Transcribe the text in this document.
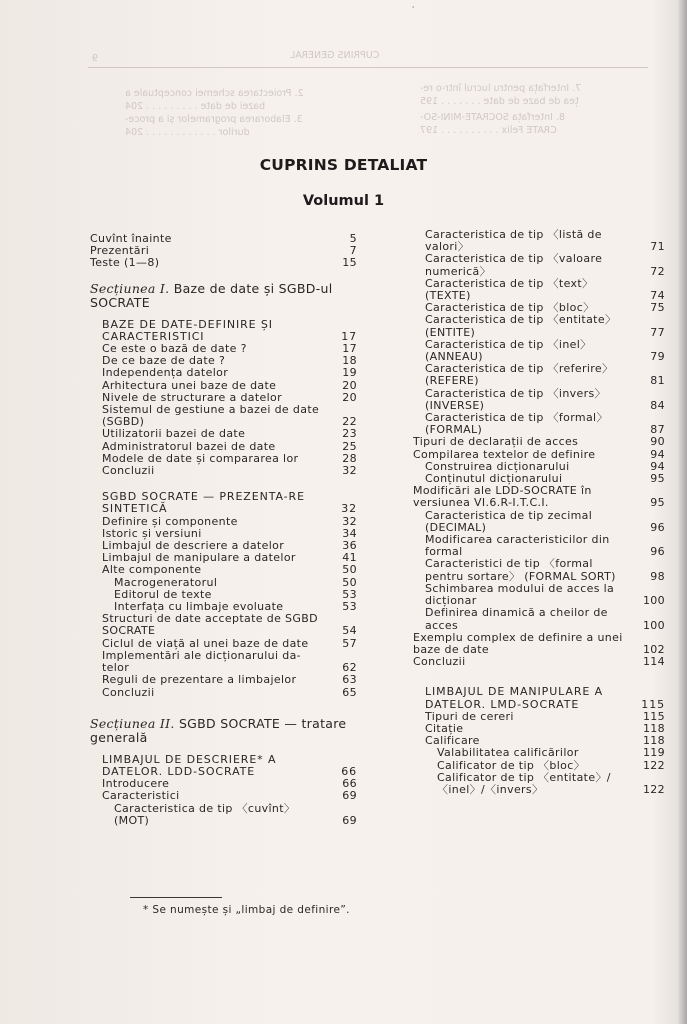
CUPRINS GENERAL
9
7. Interfața pentru lucrul într-o re-
țea de baze de date . . . . . . . 195
8. Interfața SOCRATE-MINI-SO-
CRATE Felix . . . . . . . . . . 197
2. Proiectarea schemei conceptuale a
bazei de date . . . . . . . . . 204
3. Elaborarea programelor și a proce-
durilor . . . . . . . . . . . . 204
'
CUPRINS DETALIAT
Volumul 1
Cuvînt înainte . . .	5
Prezentări . . .	7
Teste (1—8) . . .	15
Secțiunea I. Baze de date și SGBD-ul SOCRATE
BAZE DE DATE-DEFINIRE ȘI CARACTERISTICI . . .	17
Ce este o bază de date ? . . .	17
De ce baze de date ? . . .	18
Independența datelor . . .	19
Arhitectura unei baze de date . . .	20
Nivele de structurare a datelor . . .	20
Sistemul de gestiune a bazei de date (SGBD) . . .	22
Utilizatorii bazei de date . . .	23
Administratorul bazei de date . . .	25
Modele de date și compararea lor . . .	28
Concluzii . . .	32
SGBD SOCRATE — PREZENTA-RE SINTETICĂ . . .	32
Definire și componente . . .	32
Istoric și versiuni . . .	34
Limbajul de descriere a datelor . . .	36
Limbajul de manipulare a datelor . . .	41
Alte componente . . .	50
Macrogeneratorul . . .	50
Editorul de texte . . .	53
Interfața cu limbaje evoluate . . .	53
Structuri de date acceptate de SGBD SOCRATE . . .	54
Ciclul de viață al unei baze de date . . .	57
Implementări ale dicționarului da-telor . . .	62
Reguli de prezentare a limbajelor . . .	63
Concluzii . . .	65
Secțiunea II. SGBD SOCRATE — tratare generală
LIMBAJUL DE DESCRIERE* A DATELOR. LDD-SOCRATE . . .	66
Introducere . . .	66
Caracteristici . . .	69
Caracteristica de tip 〈cuvînt〉 (MOT) . . .	69
Caracteristica de tip 〈listă de valori〉 . . .	71
Caracteristica de tip 〈valoare numerică〉 . . .	72
Caracteristica de tip 〈text〉 (TEXTE) . . .	74
Caracteristica de tip 〈bloc〉 . . .	75
Caracteristica de tip 〈entitate〉 (ENTITE) . . .	77
Caracteristica de tip 〈inel〉 (ANNEAU) . . .	79
Caracteristica de tip 〈referire〉 (REFERE) . . .	81
Caracteristica de tip 〈invers〉 (INVERSE) . . .	84
Caracteristica de tip 〈formal〉 (FORMAL) . . .	87
Tipuri de declarații de acces . . .	90
Compilarea textelor de definire . . .	94
Construirea dicționarului . . .	94
Conținutul dicționarului . . .	95
Modificări ale LDD-SOCRATE în versiunea VI.6.R-I.T.C.I. . . .	95
Caracteristica de tip zecimal (DECIMAL) . . .	96
Modificarea caracteristicilor din formal . . .	96
Caracteristici de tip 〈formal pentru sortare〉 (FORMAL SORT) . . .	98
Schimbarea modului de acces la dicționar . . .	100
Definirea dinamică a cheilor de acces . . .	100
Exemplu complex de definire a unei baze de date . . .	102
Concluzii . . .	114
LIMBAJUL DE MANIPULARE A DATELOR. LMD-SOCRATE . . .	115
Tipuri de cereri . . .	115
Citație . . .	118
Calificare . . .	118
Valabilitatea calificărilor . . .	119
Calificator de tip 〈bloc〉 . . .	122
Calificator de tip 〈entitate〉/ 〈inel〉/〈invers〉 . . .	122
* Se numește și „limbaj de definire”.
